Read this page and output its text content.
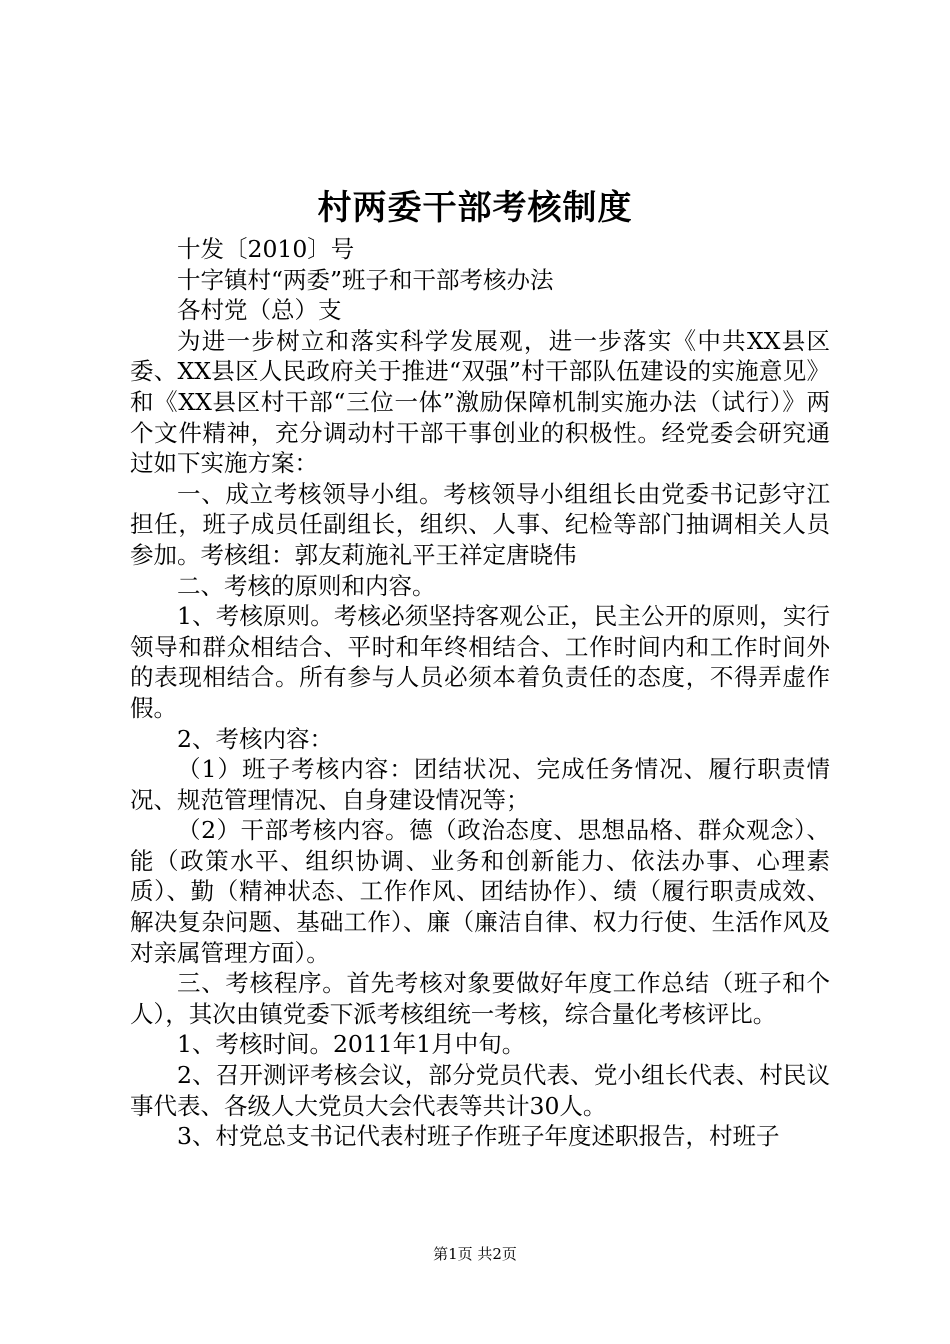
村两委干部考核制度

十发〔2010〕号

十字镇村“两委”班子和干部考核办法

各村党（总）支

为进一步树立和落实科学发展观，进一步落实《中共XX县区委、XX县区人民政府关于推进“双强”村干部队伍建设的实施意见》和《XX县区村干部“三位一体”激励保障机制实施办法（试行）》两个文件精神，充分调动村干部干事创业的积极性。经党委会研究通过如下实施方案：

一、成立考核领导小组。考核领导小组组长由党委书记彭守江担任，班子成员任副组长，组织、人事、纪检等部门抽调相关人员参加。考核组：郭友莉施礼平王祥定唐晓伟

二、考核的原则和内容。

1、考核原则。考核必须坚持客观公正，民主公开的原则，实行领导和群众相结合、平时和年终相结合、工作时间内和工作时间外的表现相结合。所有参与人员必须本着负责任的态度，不得弄虚作假。

2、考核内容：

（1）班子考核内容：团结状况、完成任务情况、履行职责情况、规范管理情况、自身建设情况等；

（2）干部考核内容。德（政治态度、思想品格、群众观念）、能（政策水平、组织协调、业务和创新能力、依法办事、心理素质）、勤（精神状态、工作作风、团结协作）、绩（履行职责成效、解决复杂问题、基础工作）、廉（廉洁自律、权力行使、生活作风及对亲属管理方面）。

三、考核程序。首先考核对象要做好年度工作总结（班子和个人），其次由镇党委下派考核组统一考核，综合量化考核评比。

1、考核时间。2011年1月中旬。

2、召开测评考核会议，部分党员代表、党小组长代表、村民议事代表、各级人大党员大会代表等共计30人。

3、村党总支书记代表村班子作班子年度述职报告，村班子

第1页 共2页
